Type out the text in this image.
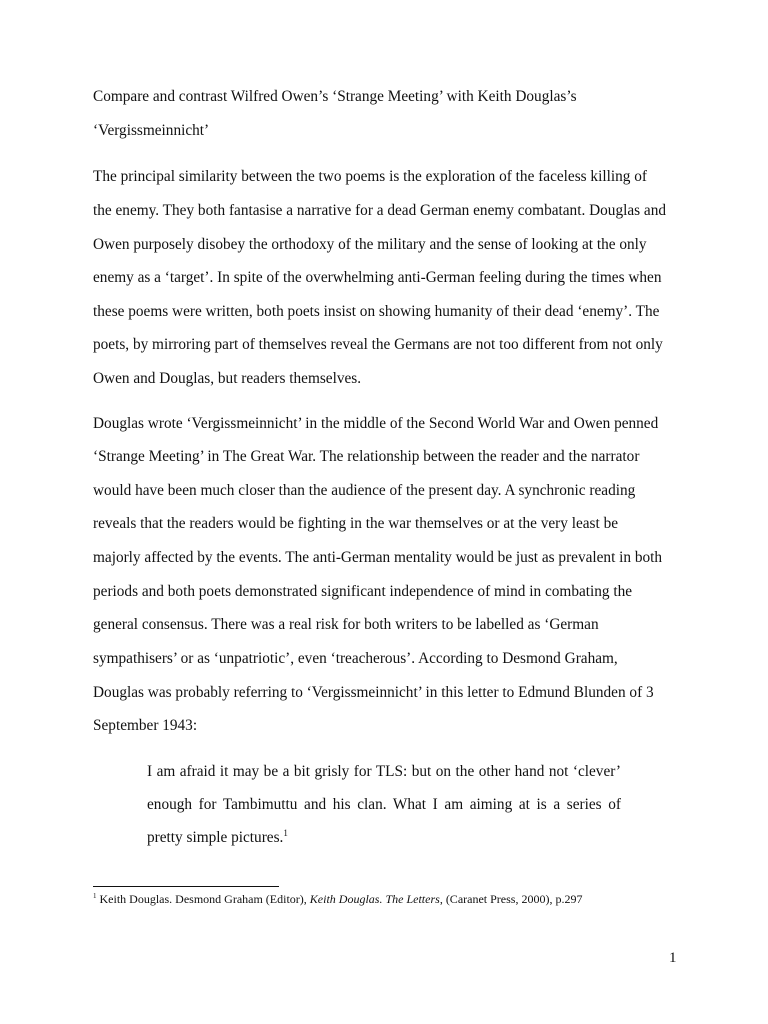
Compare and contrast Wilfred Owen’s ‘Strange Meeting’ with Keith Douglas’s
‘Vergissmeinnicht’
The principal similarity between the two poems is the exploration of the faceless killing of
the enemy. They both fantasise a narrative for a dead German enemy combatant. Douglas and
Owen purposely disobey the orthodoxy of the military and the sense of looking at the only
enemy as a ‘target’. In spite of the overwhelming anti-German feeling during the times when
these poems were written, both poets insist on showing humanity of their dead ‘enemy’. The
poets, by mirroring part of themselves reveal the Germans are not too different from not only
Owen and Douglas, but readers themselves.
Douglas wrote ‘Vergissmeinnicht’ in the middle of the Second World War and Owen penned
‘Strange Meeting’ in The Great War. The relationship between the reader and the narrator
would have been much closer than the audience of the present day. A synchronic reading
reveals that the readers would be fighting in the war themselves or at the very least be
majorly affected by the events. The anti-German mentality would be just as prevalent in both
periods and both poets demonstrated significant independence of mind in combating the
general consensus. There was a real risk for both writers to be labelled as ‘German
sympathisers’ or as ‘unpatriotic’, even ‘treacherous’. According to Desmond Graham,
Douglas was probably referring to ‘Vergissmeinnicht’ in this letter to Edmund Blunden of 3
September 1943:
I am afraid it may be a bit grisly for TLS: but on the other hand not ‘clever’
enough for Tambimuttu and his clan. What I am aiming at is a series of
pretty simple pictures.$^1$
$^1$ Keith Douglas. Desmond Graham (Editor), Keith Douglas. The Letters, (Caranet Press, 2000), p.297
1
